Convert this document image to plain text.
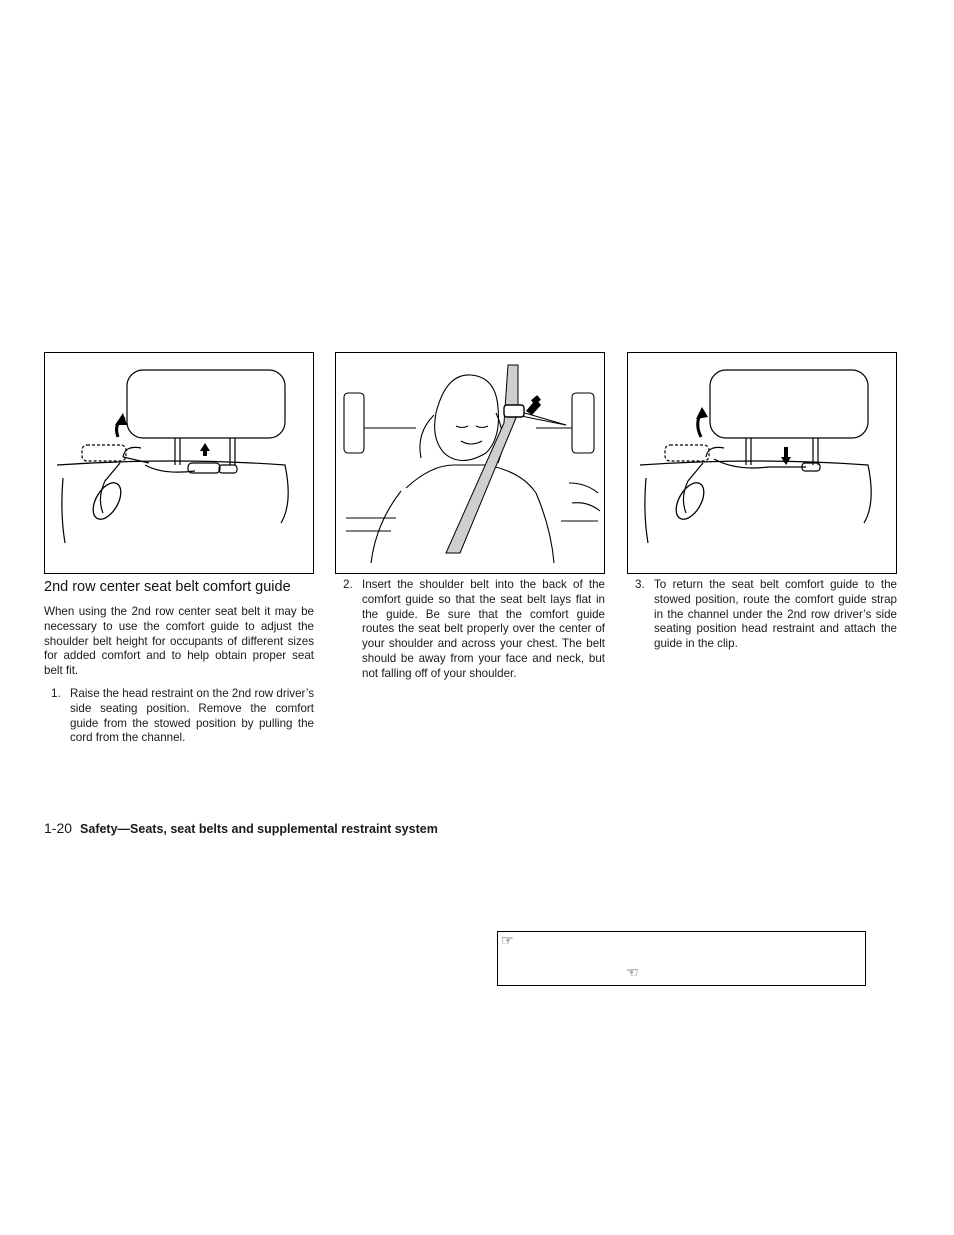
2nd row center seat belt comfort guide

When using the 2nd row center seat belt it may be necessary to use the comfort guide to adjust the shoulder belt height for occupants of different sizes for added comfort and to help obtain proper seat belt fit.

1. Raise the head restraint on the 2nd row driver’s side seating position. Remove the comfort guide from the stowed position by pulling the cord from the channel.
2. Insert the shoulder belt into the back of the comfort guide so that the seat belt lays flat in the guide. Be sure that the comfort guide routes the seat belt properly over the center of your shoulder and across your chest. The belt should be away from your face and neck, but not falling off of your shoulder.
3. To return the seat belt comfort guide to the stowed position, route the comfort guide strap in the channel under the 2nd row driver’s side seating position head restraint and attach the guide in the clip.
1-20 Safety—Seats, seat belts and supplemental restraint system
☞
☜
